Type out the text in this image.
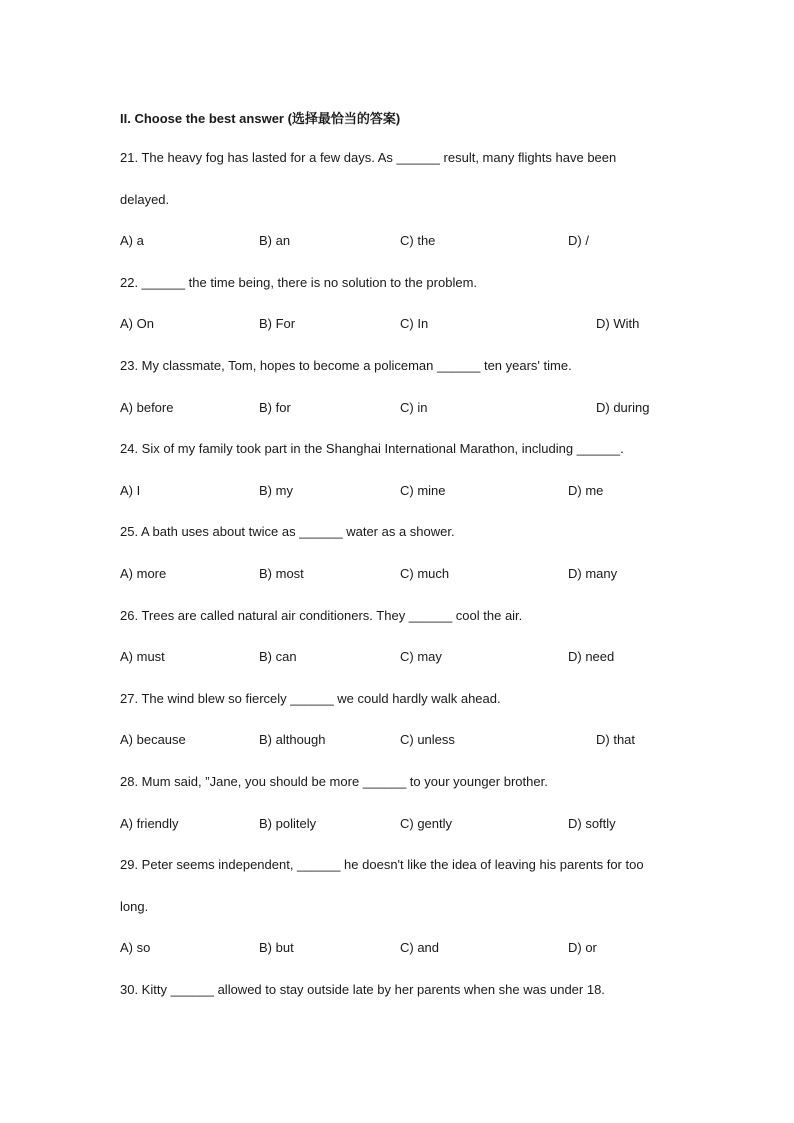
II. Choose the best answer (选择最恰当的答案)
21. The heavy fog has lasted for a few days. As ______ result, many flights have been
delayed.
A) a	B) an	C) the	D) /
22. ______ the time being, there is no solution to the problem.
A) On	B) For	C) In	D) With
23. My classmate, Tom, hopes to become a policeman ______ ten years' time.
A) before	B) for	C) in	D) during
24. Six of my family took part in the Shanghai International Marathon, including ______.
A) I	B) my	C) mine	D) me
25. A bath uses about twice as ______ water as a shower.
A) more	B) most	C) much	D) many
26. Trees are called natural air conditioners. They ______ cool the air.
A) must	B) can	C) may	D) need
27. The wind blew so fiercely ______ we could hardly walk ahead.
A) because	B) although	C) unless	D) that
28. Mum said, ”Jane, you should be more ______ to your younger brother.
A) friendly	B) politely	C) gently	D) softly
29. Peter seems independent, ______ he doesn't like the idea of leaving his parents for too
long.
A) so	B) but	C) and	D) or
30. Kitty ______ allowed to stay outside late by her parents when she was under 18.
